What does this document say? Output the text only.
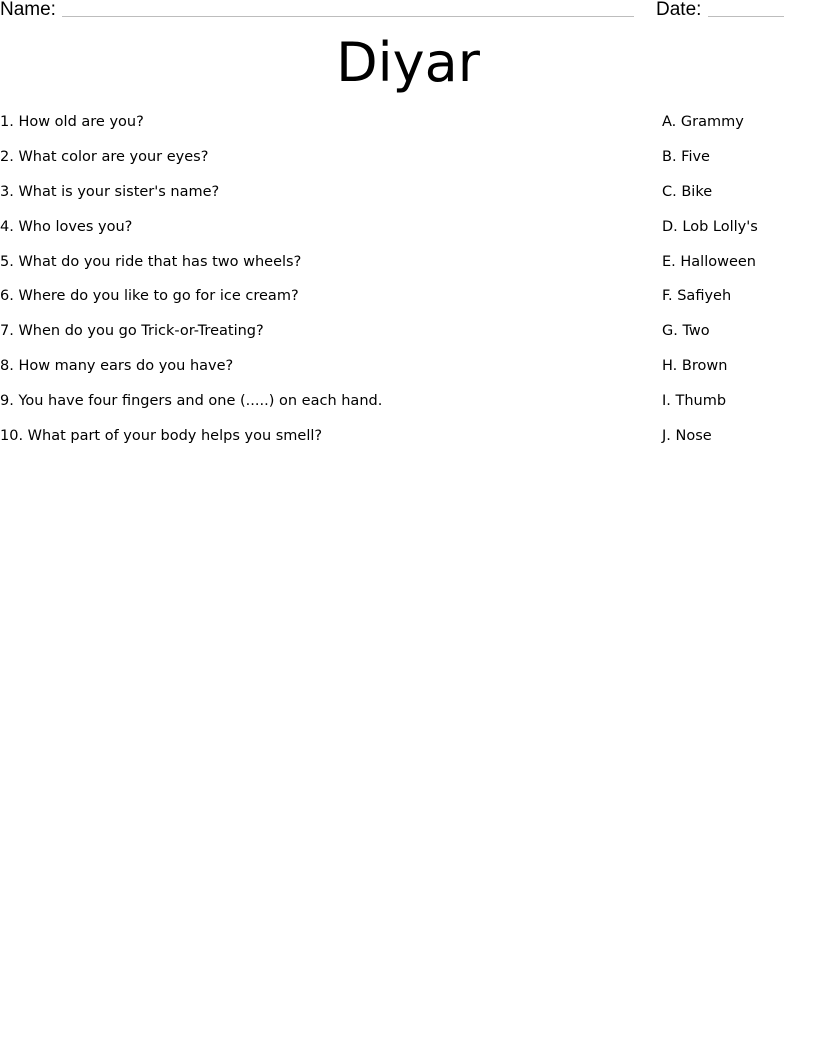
Name:	Date:
Diyar
1. How old are you?
2. What color are your eyes?
3. What is your sister's name?
4. Who loves you?
5. What do you ride that has two wheels?
6. Where do you like to go for ice cream?
7. When do you go Trick-or-Treating?
8. How many ears do you have?
9. You have four fingers and one (.....) on each hand.
10. What part of your body helps you smell?
A. Grammy
B. Five
C. Bike
D. Lob Lolly's
E. Halloween
F. Safiyeh
G. Two
H. Brown
I. Thumb
J. Nose
